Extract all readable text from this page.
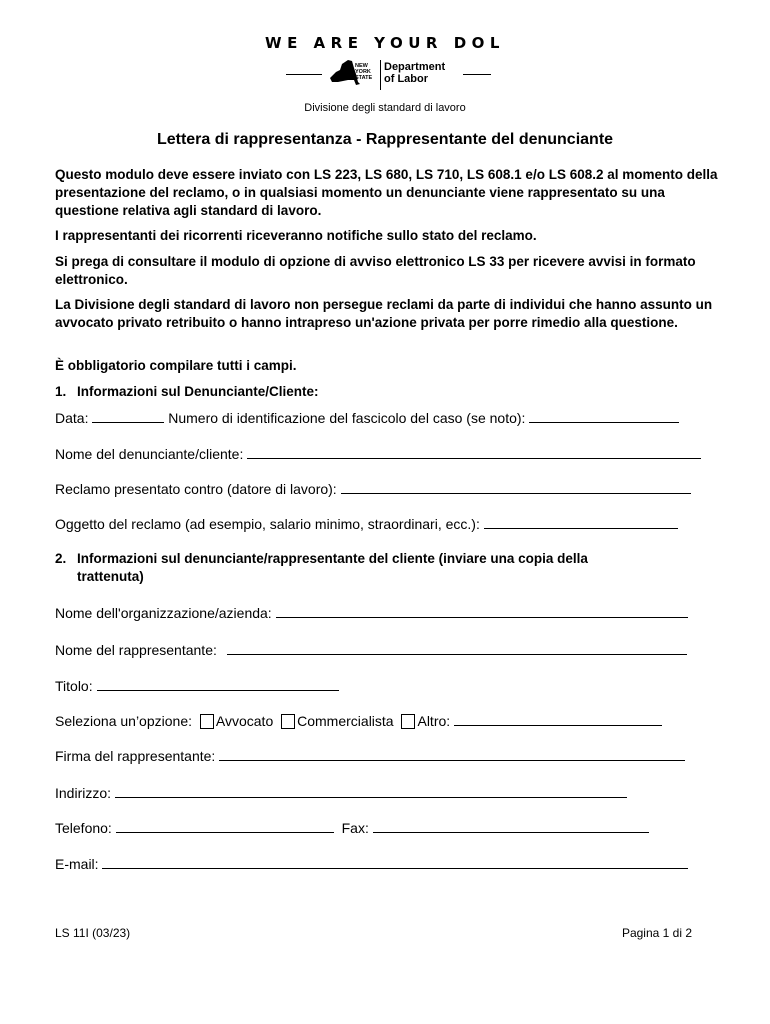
WE ARE YOUR DOL
NEW
YORK
STATE
Department
of Labor
Divisione degli standard di lavoro
Lettera di rappresentanza - Rappresentante del denunciante
Questo modulo deve essere inviato con LS 223, LS 680, LS 710, LS 608.1 e/o LS 608.2 al momento della presentazione del reclamo, o in qualsiasi momento un denunciante viene rappresentato su una questione relativa agli standard di lavoro.
I rappresentanti dei ricorrenti riceveranno notifiche sullo stato del reclamo.
Si prega di consultare il modulo di opzione di avviso elettronico LS 33 per ricevere avvisi in formato elettronico.
La Divisione degli standard di lavoro non persegue reclami da parte di individui che hanno assunto un avvocato privato retribuito o hanno intrapreso un'azione privata per porre rimedio alla questione.
È obbligatorio compilare tutti i campi.
1. Informazioni sul Denunciante/Cliente:
Data:	Numero di identificazione del fascicolo del caso (se noto):
Nome del denunciante/cliente:
Reclamo presentato contro (datore di lavoro):
Oggetto del reclamo (ad esempio, salario minimo, straordinari, ecc.):
2. Informazioni sul denunciante/rappresentante del cliente (inviare una copia della
trattenuta)
Nome dell'organizzazione/azienda:
Nome del rappresentante:
Titolo:
Seleziona un’opzione: Avvocato Commercialista Altro:
Firma del rappresentante:
Indirizzo:
Telefono:	Fax:
E-mail:
LS 11I (03/23)	Pagina 1 di 2
